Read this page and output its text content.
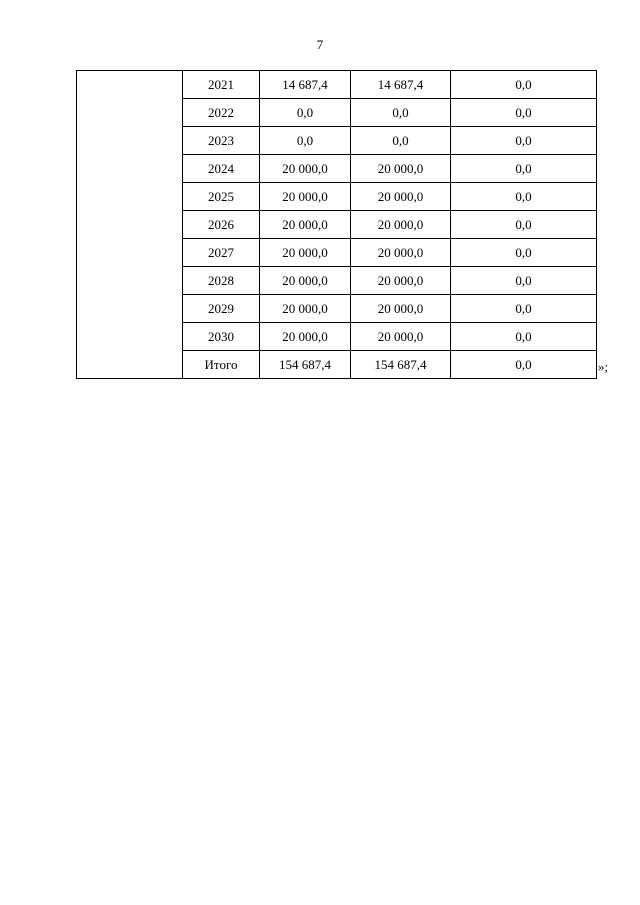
7
	2021	14 687,4	14 687,4	0,0
	2022	0,0	0,0	0,0
	2023	0,0	0,0	0,0
	2024	20 000,0	20 000,0	0,0
	2025	20 000,0	20 000,0	0,0
	2026	20 000,0	20 000,0	0,0
	2027	20 000,0	20 000,0	0,0
	2028	20 000,0	20 000,0	0,0
	2029	20 000,0	20 000,0	0,0
	2030	20 000,0	20 000,0	0,0
	Итого	154 687,4	154 687,4	0,0	»;
